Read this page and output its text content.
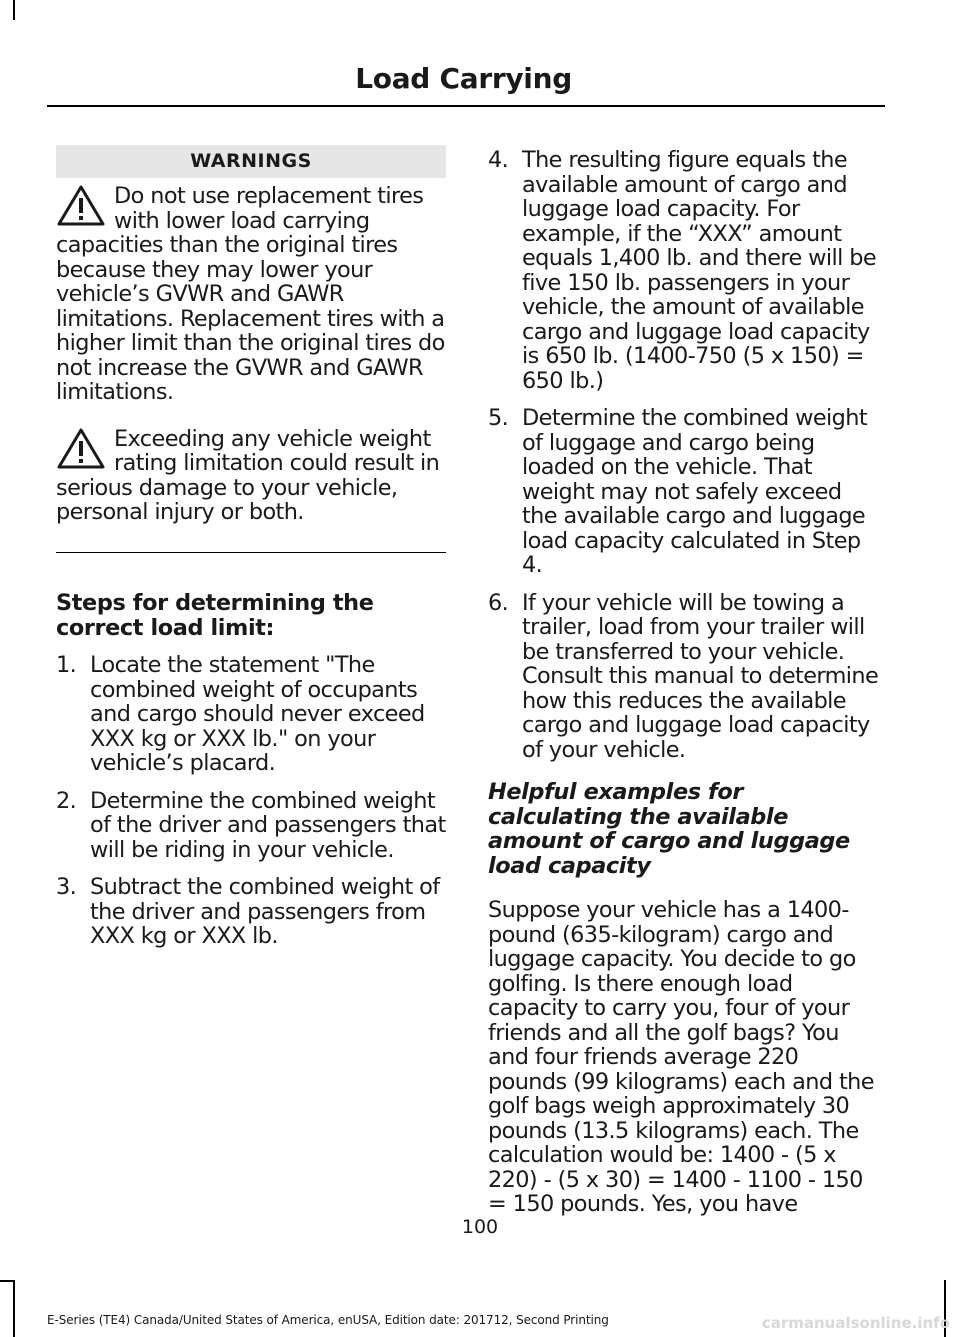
Load Carrying
WARNINGS
Do not use replacement tires with lower load carrying capacities than the original tires because they may lower your vehicle’s GVWR and GAWR limitations. Replacement tires with a higher limit than the original tires do not increase the GVWR and GAWR limitations.
Exceeding any vehicle weight rating limitation could result in serious damage to your vehicle, personal injury or both.
Steps for determining the correct load limit:
1. Locate the statement "The combined weight of occupants and cargo should never exceed XXX kg or XXX lb." on your vehicle’s placard.
2. Determine the combined weight of the driver and passengers that will be riding in your vehicle.
3. Subtract the combined weight of the driver and passengers from XXX kg or XXX lb.
4. The resulting figure equals the available amount of cargo and luggage load capacity. For example, if the “XXX” amount equals 1,400 lb. and there will be five 150 lb. passengers in your vehicle, the amount of available cargo and luggage load capacity is 650 lb. (1400-750 (5 x 150) = 650 lb.)
5. Determine the combined weight of luggage and cargo being loaded on the vehicle. That weight may not safely exceed the available cargo and luggage load capacity calculated in Step 4.
6. If your vehicle will be towing a trailer, load from your trailer will be transferred to your vehicle. Consult this manual to determine how this reduces the available cargo and luggage load capacity of your vehicle.
Helpful examples for calculating the available amount of cargo and luggage load capacity
Suppose your vehicle has a 1400-pound (635-kilogram) cargo and luggage capacity. You decide to go golfing. Is there enough load capacity to carry you, four of your friends and all the golf bags? You and four friends average 220 pounds (99 kilograms) each and the golf bags weigh approximately 30 pounds (13.5 kilograms) each. The calculation would be: 1400 - (5 x 220) - (5 x 30) = 1400 - 1100 - 150 = 150 pounds. Yes, you have
100
E-Series (TE4) Canada/United States of America, enUSA, Edition date: 201712, Second Printing	carmanualsonline.info
